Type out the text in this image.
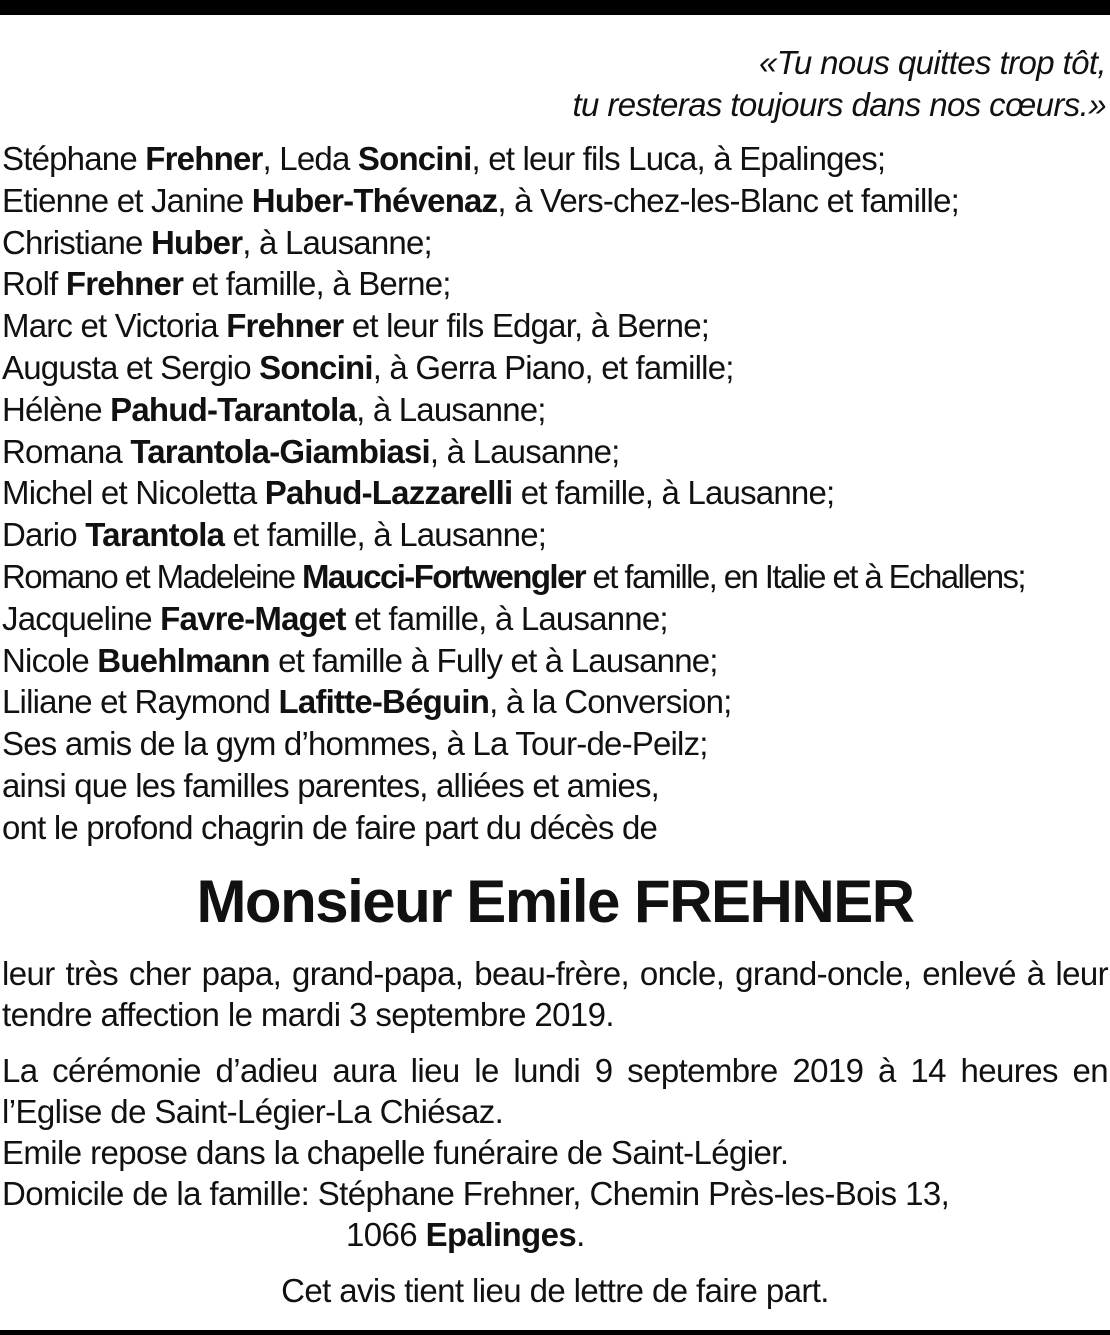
«Tu nous quittes trop tôt,
tu resteras toujours dans nos cœurs.»
Stéphane Frehner, Leda Soncini, et leur fils Luca, à Epalinges;
Etienne et Janine Huber-Thévenaz, à Vers-chez-les-Blanc et famille;
Christiane Huber, à Lausanne;
Rolf Frehner et famille, à Berne;
Marc et Victoria Frehner et leur fils Edgar, à Berne;
Augusta et Sergio Soncini, à Gerra Piano, et famille;
Hélène Pahud-Tarantola, à Lausanne;
Romana Tarantola-Giambiasi, à Lausanne;
Michel et Nicoletta Pahud-Lazzarelli et famille, à Lausanne;
Dario Tarantola et famille, à Lausanne;
Romano et Madeleine Maucci-Fortwengler et famille, en Italie et à Echallens;
Jacqueline Favre-Maget et famille, à Lausanne;
Nicole Buehlmann et famille à Fully et à Lausanne;
Liliane et Raymond Lafitte-Béguin, à la Conversion;
Ses amis de la gym d’hommes, à La Tour-de-Peilz;
ainsi que les familles parentes, alliées et amies,
ont le profond chagrin de faire part du décès de
Monsieur Emile FREHNER
leur très cher papa, grand-papa, beau-frère, oncle, grand-oncle, enlevé à leur tendre affection le mardi 3 septembre 2019.
La cérémonie d’adieu aura lieu le lundi 9 septembre 2019 à 14 heures en l’Eglise de Saint-Légier-La Chiésaz.
Emile repose dans la chapelle funéraire de Saint-Légier.
Domicile de la famille: Stéphane Frehner, Chemin Près-les-Bois 13,
1066 Epalinges.
Cet avis tient lieu de lettre de faire part.
